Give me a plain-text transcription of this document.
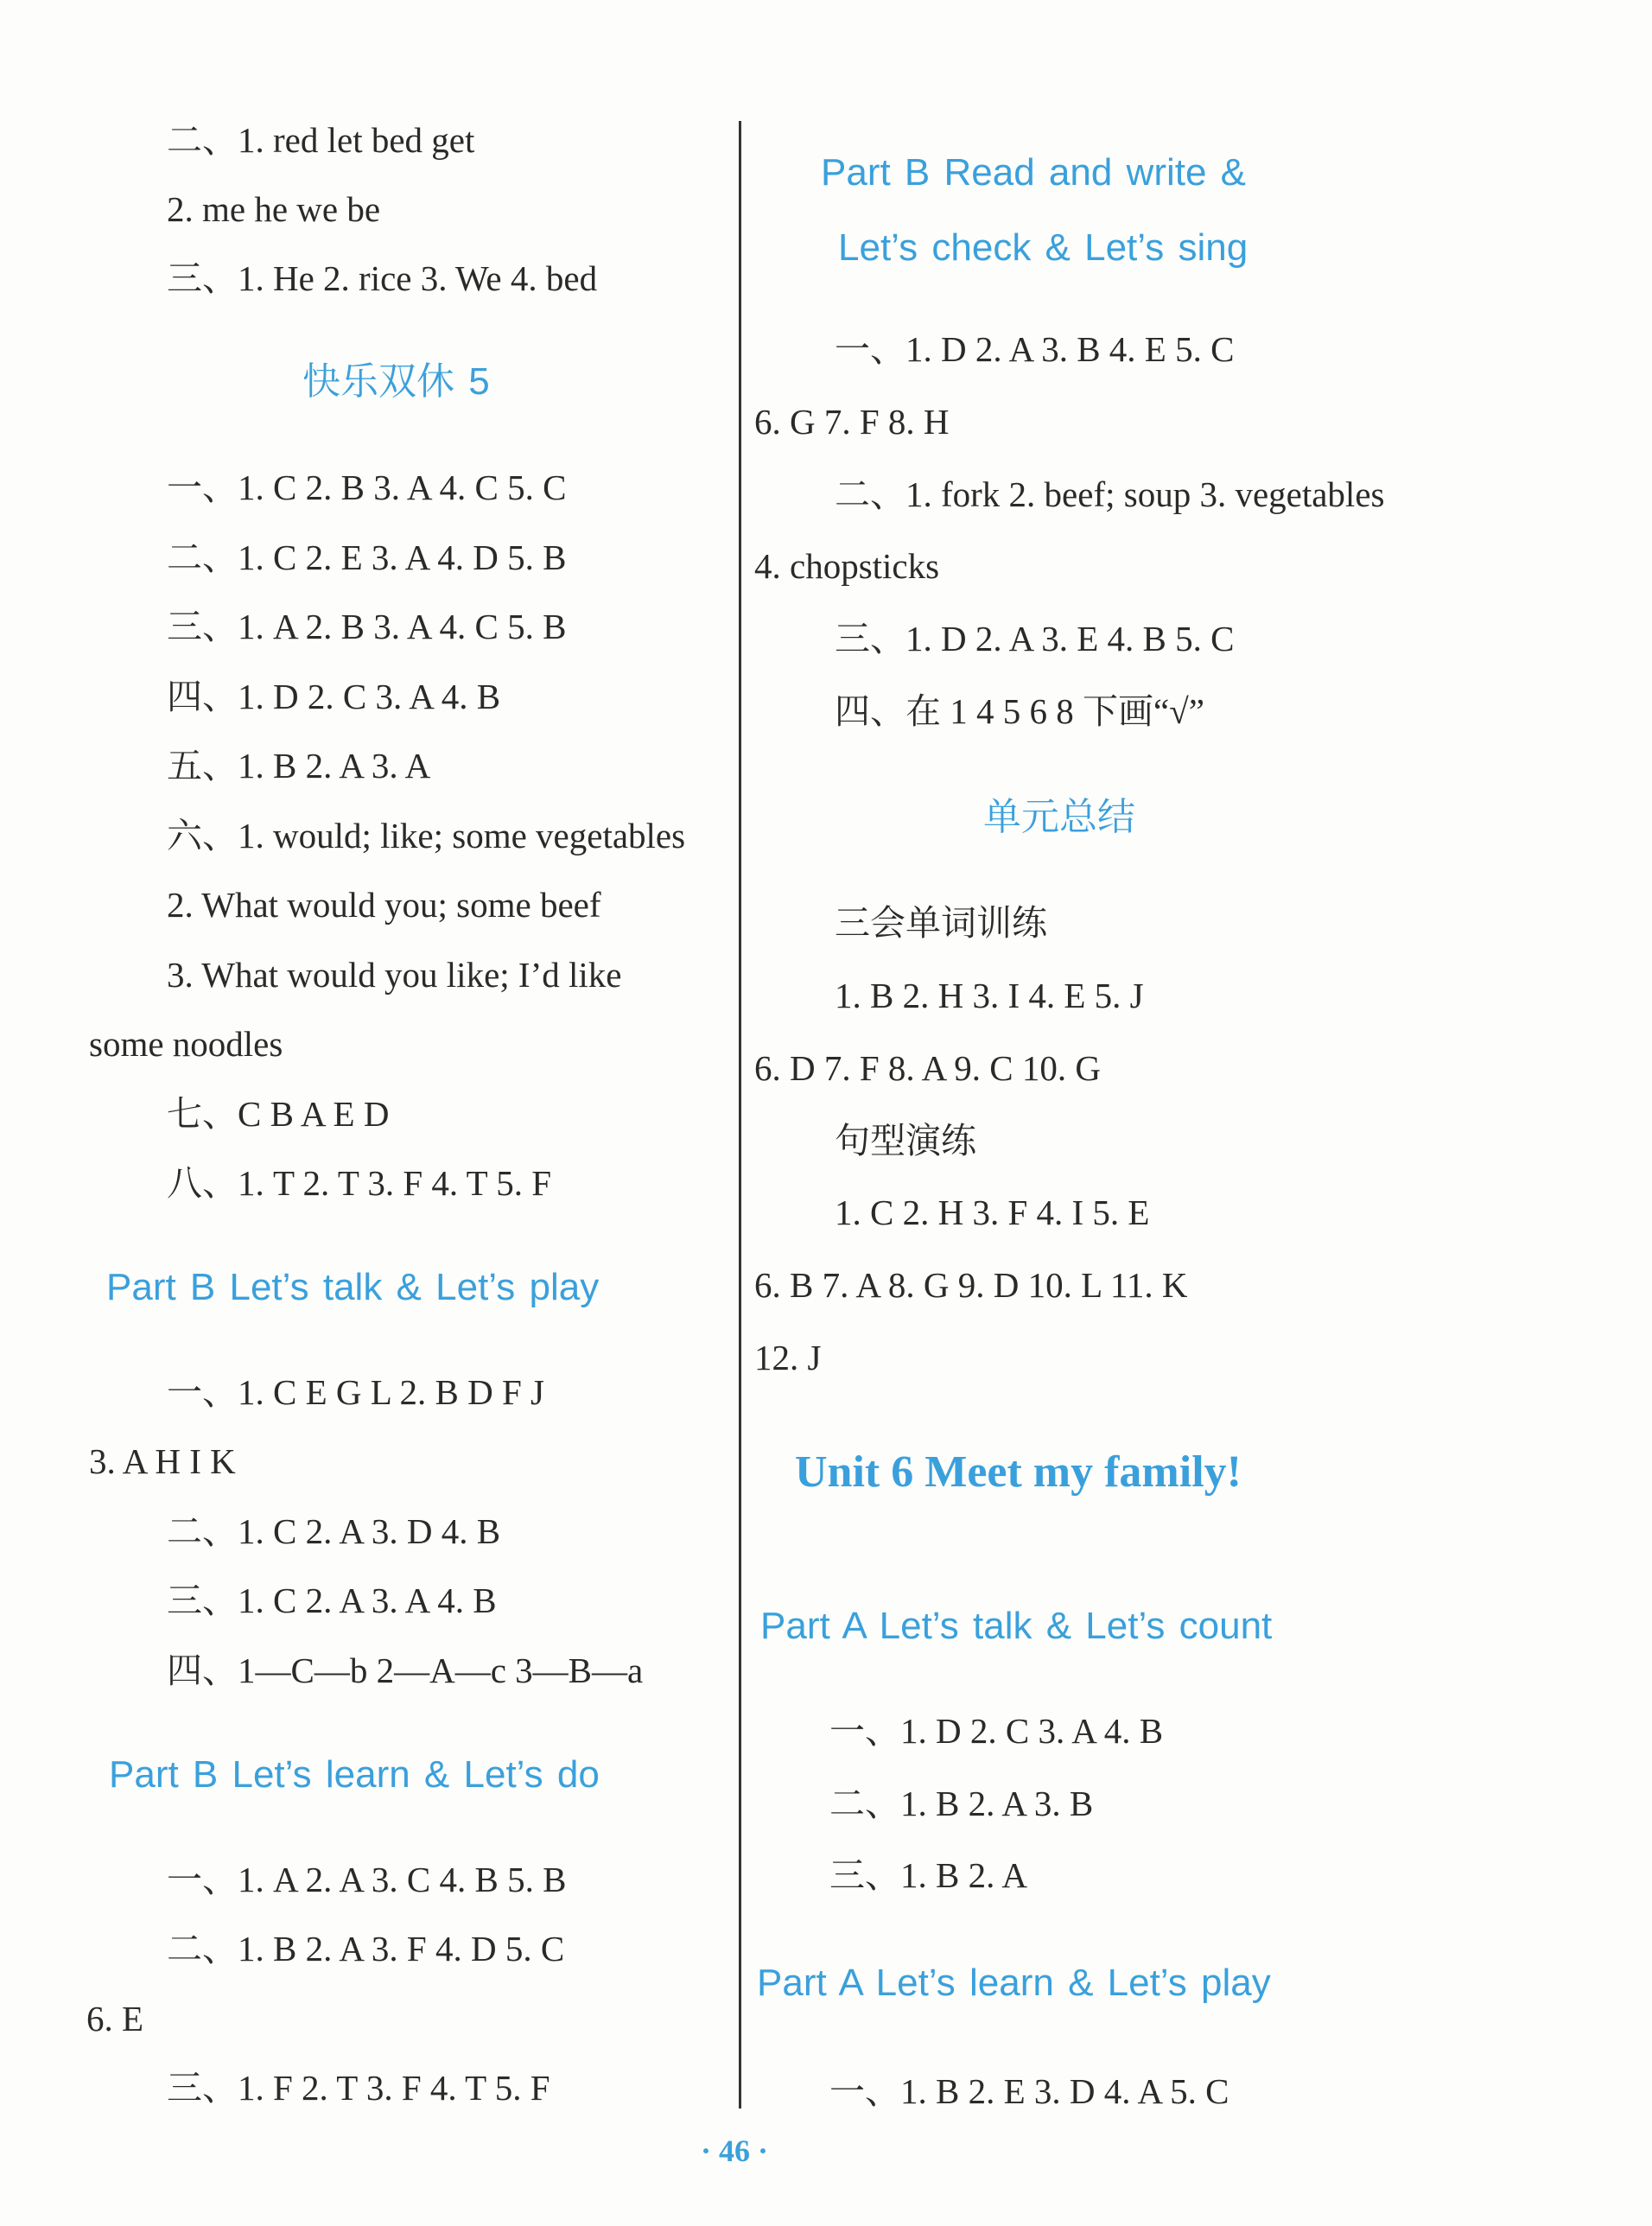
二、1. red let bed get
2. me he we be
三、1. He 2. rice 3. We 4. bed
快乐双休 5
一、1. C 2. B 3. A 4. C 5. C
二、1. C 2. E 3. A 4. D 5. B
三、1. A 2. B 3. A 4. C 5. B
四、1. D 2. C 3. A 4. B
五、1. B 2. A 3. A
六、1. would; like; some vegetables
2. What would you; some beef
3. What would you like; I’d like
some noodles
七、C B A E D
八、1. T 2. T 3. F 4. T 5. F
Part B Let’s talk & Let’s play
一、1. C E G L 2. B D F J
3. A H I K
二、1. C 2. A 3. D 4. B
三、1. C 2. A 3. A 4. B
四、1—C—b 2—A—c 3—B—a
Part B Let’s learn & Let’s do
一、1. A 2. A 3. C 4. B 5. B
二、1. B 2. A 3. F 4. D 5. C
6. E
三、1. F 2. T 3. F 4. T 5. F
Part B Read and write &
Let’s check & Let’s sing
一、1. D 2. A 3. B 4. E 5. C
6. G 7. F 8. H
二、1. fork 2. beef; soup 3. vegetables
4. chopsticks
三、1. D 2. A 3. E 4. B 5. C
四、在 1 4 5 6 8 下画“√”
单元总结
三会单词训练
1. B 2. H 3. I 4. E 5. J
6. D 7. F 8. A 9. C 10. G
句型演练
1. C 2. H 3. F 4. I 5. E
6. B 7. A 8. G 9. D 10. L 11. K
12. J
Unit 6 Meet my family!
Part A Let’s talk & Let’s count
一、1. D 2. C 3. A 4. B
二、1. B 2. A 3. B
三、1. B 2. A
Part A Let’s learn & Let’s play
一、1. B 2. E 3. D 4. A 5. C
· 46 ·
